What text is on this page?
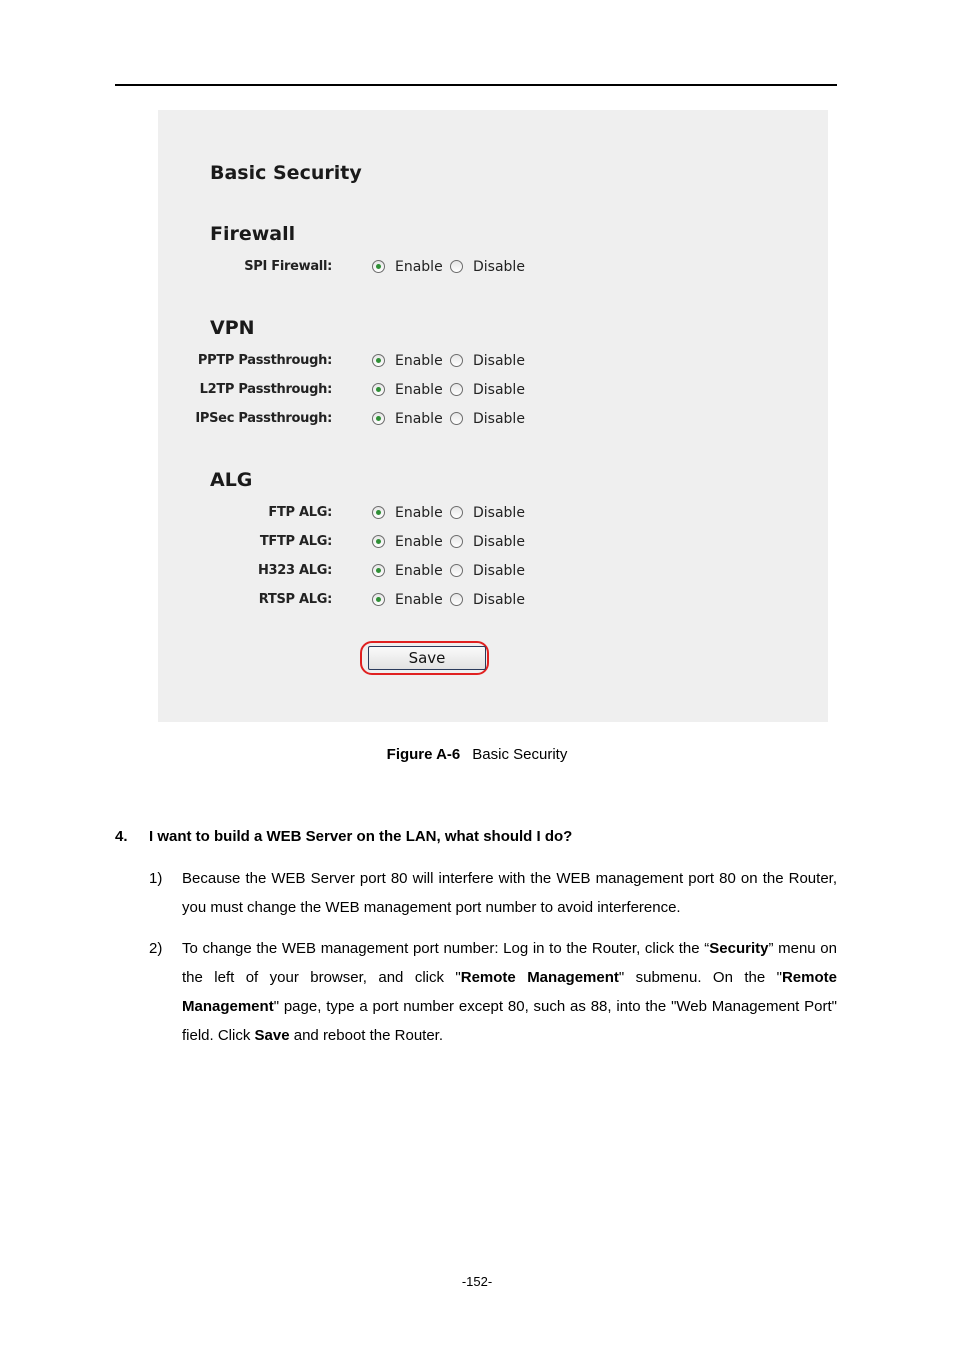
Basic Security
Firewall
SPI Firewall:	Enable Disable
VPN
PPTP Passthrough:	Enable Disable
L2TP Passthrough:	Enable Disable
IPSec Passthrough:	Enable Disable
ALG
FTP ALG:	Enable Disable
TFTP ALG:	Enable Disable
H323 ALG:	Enable Disable
RTSP ALG:	Enable Disable
Save
Figure A-6 Basic Security
4. I want to build a WEB Server on the LAN, what should I do?
1) Because the WEB Server port 80 will interfere with the WEB management port 80 on the Router, you must change the WEB management port number to avoid interference.
2) To change the WEB management port number: Log in to the Router, click the “Security” menu on the left of your browser, and click "Remote Management" submenu. On the "Remote Management" page, type a port number except 80, such as 88, into the "Web Management Port" field. Click Save and reboot the Router.
-152-
